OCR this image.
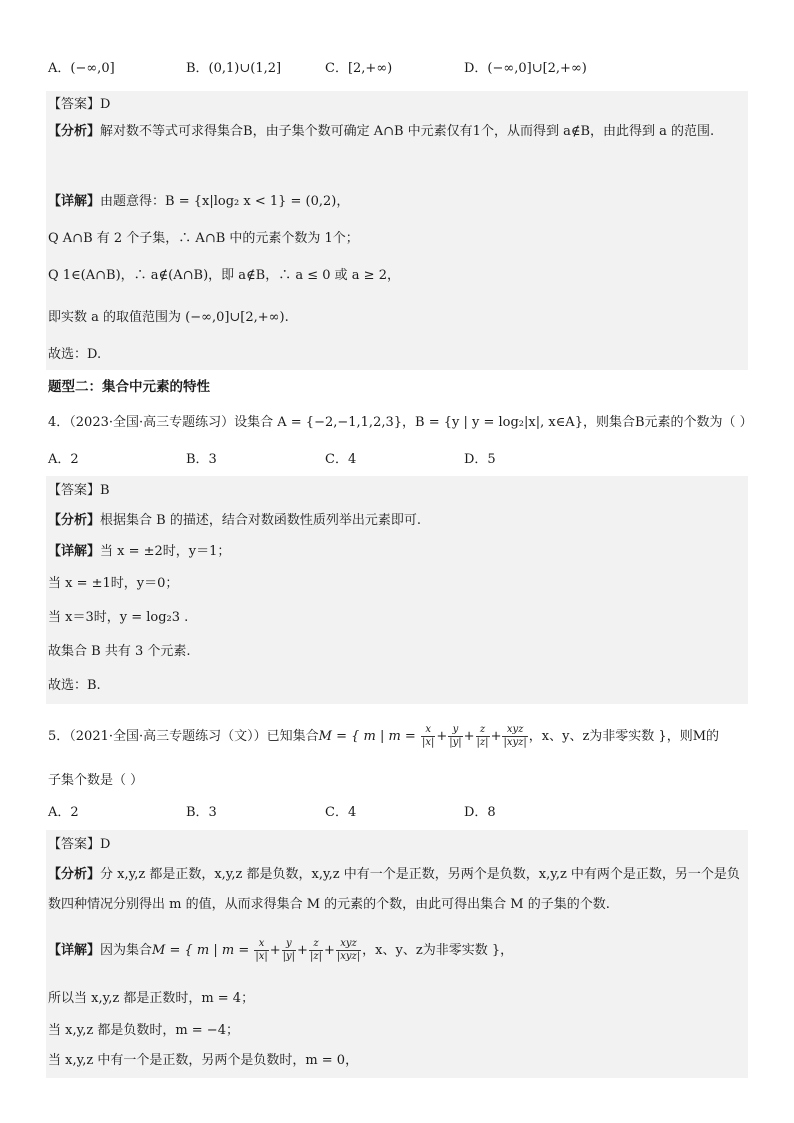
A．(−∞,0]	B．(0,1)∪(1,2]	C．[2,+∞)	D．(−∞,0]∪[2,+∞)
【答案】D
【分析】解对数不等式可求得集合B，由子集个数可确定 A∩B 中元素仅有1个，从而得到 a∉B，由此得到 a 的范围.
【详解】由题意得：B = {x|log₂ x < 1} = (0,2)，
Q A∩B 有 2 个子集，∴ A∩B 中的元素个数为 1个；
Q 1∈(A∩B)，∴ a∉(A∩B)，即 a∉B，∴ a ≤ 0 或 a ≥ 2，
即实数 a 的取值范围为 (−∞,0]∪[2,+∞).
故选：D.
题型二：集合中元素的特性
4．（2023·全国·高三专题练习）设集合 A = {−2,−1,1,2,3}，B = {y | y = log₂|x|, x∈A}，则集合B元素的个数为（ ）
A．2	B．3	C．4	D．5
【答案】B
【分析】根据集合 B 的描述，结合对数函数性质列举出元素即可.
【详解】当 x = ±2时，y＝1；
当 x = ±1时，y＝0；
当 x＝3时，y = log₂3 .
故集合 B 共有 3 个元素.
故选：B.
5．（2021·全国·高三专题练习（文））已知集合M = { m | $m = \frac{x}{|x|} + \frac{y}{|y|} + \frac{z}{|z|} + \frac{\text{xyz}}{\text{|xyz|}}$ ，x、y、z为非零实数 }，则M的
子集个数是（ ）
A．2	B．3	C．4	D．8
【答案】D
【分析】分 x,y,z 都是正数，x,y,z 都是负数，x,y,z 中有一个是正数，另两个是负数，x,y,z 中有两个是正数，另一个是负数四种情况分别得出 m 的值，从而求得集合 M 的元素的个数，由此可得出集合 M 的子集的个数.
【详解】因为集合M = { m | $m = \frac{x}{|x|} + \frac{y}{|y|} + \frac{z}{|z|} + \frac{\text{xyz}}{\text{|xyz|}}$ ，x、y、z为非零实数 }，
所以当 x,y,z 都是正数时，m = 4；
当 x,y,z 都是负数时，m = −4；
当 x,y,z 中有一个是正数，另两个是负数时，m = 0，
